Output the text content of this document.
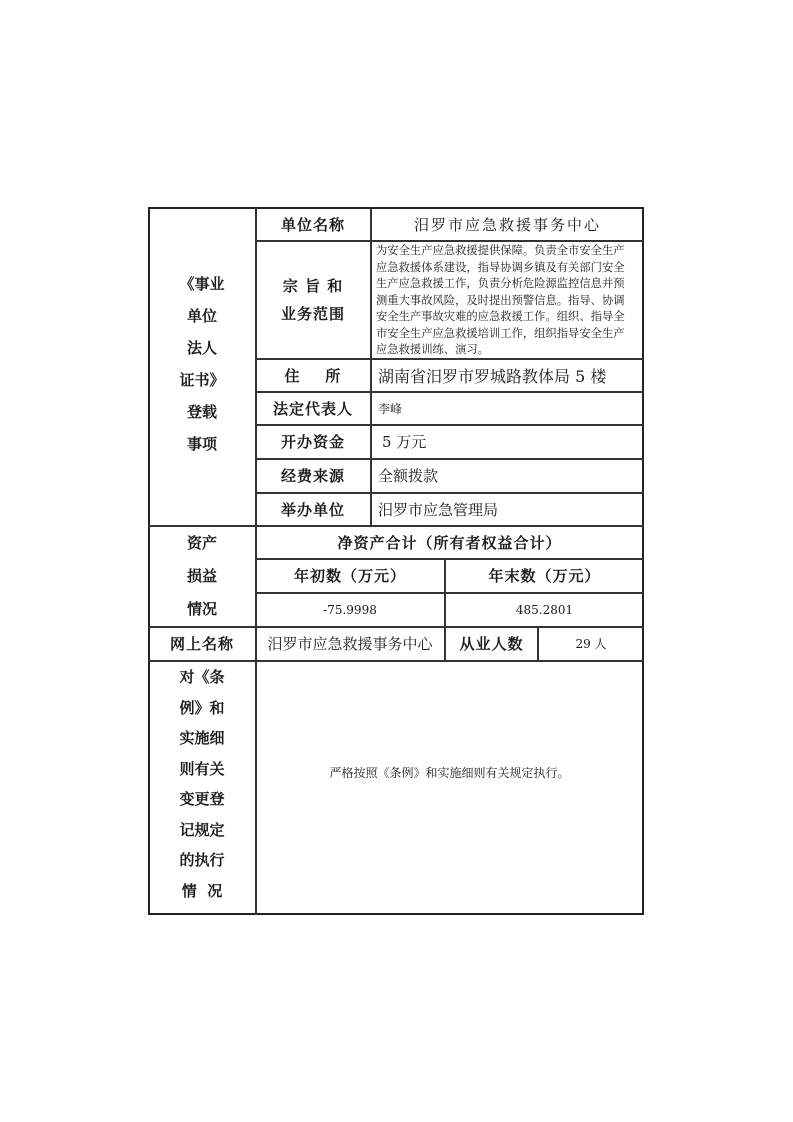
《事业
单位
法人
证书》
登载
事项
单位名称	汨罗市应急救援事务中心
宗 旨 和
业务范围
为安全生产应急救援提供保障。负责全市安全生产
应急救援体系建设，指导协调乡镇及有关部门安全
生产应急救援工作，负责分析危险源监控信息并预
测重大事故风险，及时提出预警信息。指导、协调
安全生产事故灾难的应急救援工作。组织、指导全
市安全生产应急救援培训工作，组织指导安全生产
应急救援训练、演习。
住    所	湖南省汨罗市罗城路教体局 5 楼
法定代表人	李峰
开办资金	5 万元
经费来源	全额拨款
举办单位	汨罗市应急管理局
资产
损益
情况
净资产合计（所有者权益合计）
年初数（万元）	年末数（万元）
-75.9998	485.2801
网上名称	汨罗市应急救援事务中心	从业人数	29 人
对《条
例》和
实施细
则有关
变更登
记规定
的执行
情  况
严格按照《条例》和实施细则有关规定执行。
